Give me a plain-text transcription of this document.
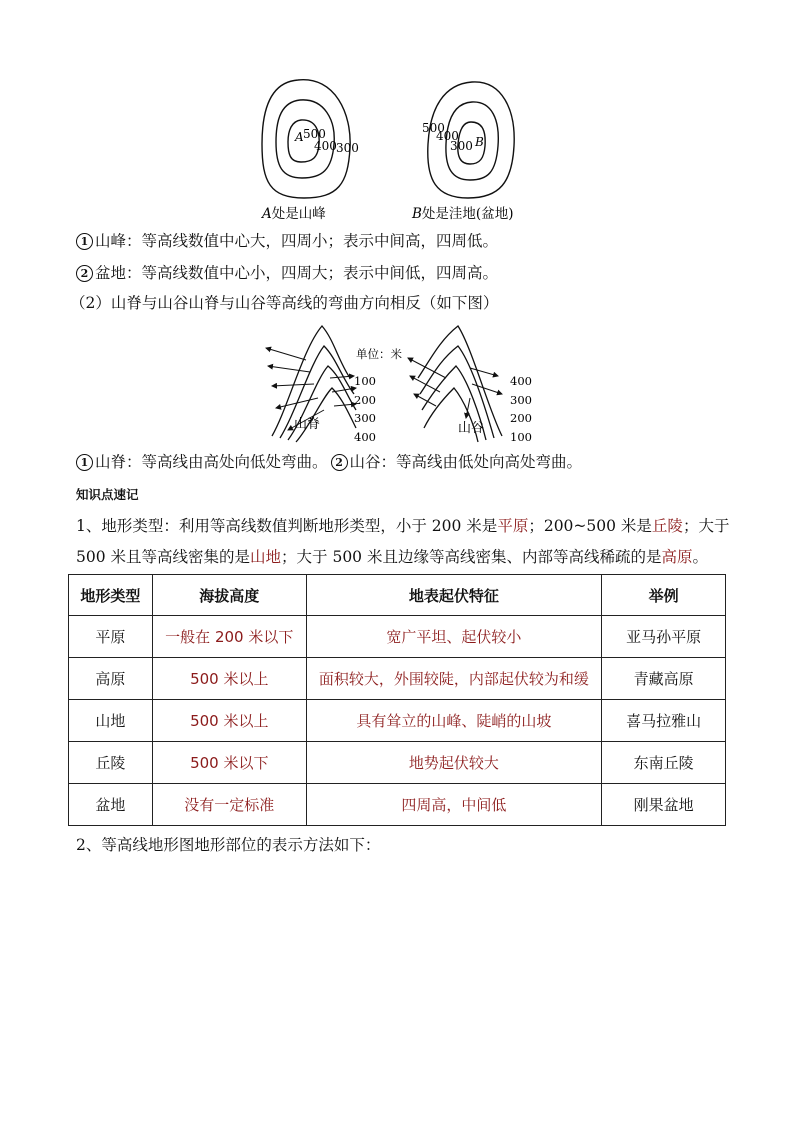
A 500
400 300
500
400
300 B
A处是山峰	B处是洼地(盆地)
1 山峰：等高线数值中心大，四周小；表示中间高，四周低。
2 盆地：等高线数值中心小，四周大；表示中间低，四周高。
（2）山脊与山谷山脊与山谷等高线的弯曲方向相反（如下图）
单位：米
100
200
300
400
400
300
200
100
山脊	山谷
1 山脊：等高线由高处向低处弯曲。 2 山谷：等高线由低处向高处弯曲。
知识点速记
1、地形类型：利用等高线数值判断地形类型，小于 200 米是平原；200~500 米是丘陵；大于
500 米且等高线密集的是山地；大于 500 米且边缘等高线密集、内部等高线稀疏的是高原。
地形类型	海拔高度	地表起伏特征	举例
平原	一般在 200 米以下	宽广平坦、起伏较小	亚马孙平原
高原	500 米以上	面积较大，外围较陡，内部起伏较为和缓	青藏高原
山地	500 米以上	具有耸立的山峰、陡峭的山坡	喜马拉雅山
丘陵	500 米以下	地势起伏较大	东南丘陵
盆地	没有一定标准	四周高，中间低	刚果盆地
2、等高线地形图地形部位的表示方法如下：
